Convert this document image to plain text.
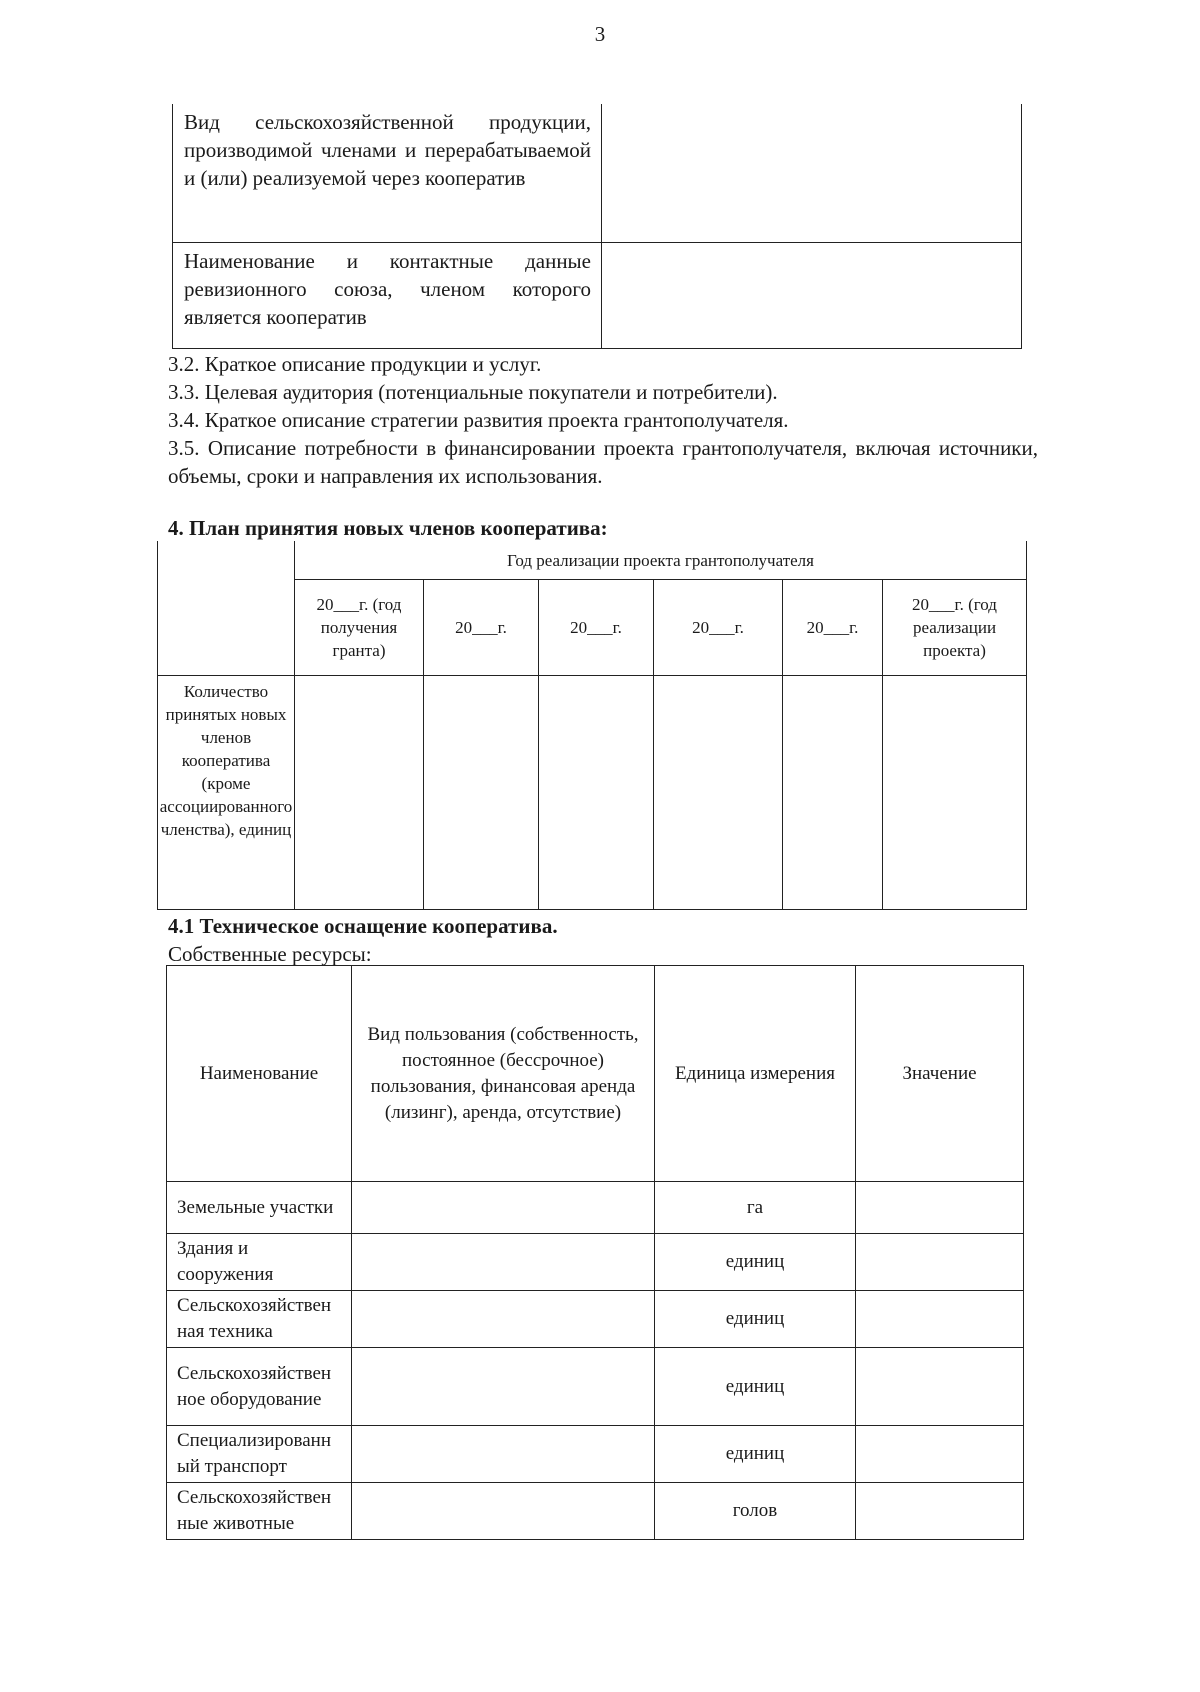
3
Вид сельскохозяйственной продукции, производимой членами и перерабатываемой и (или) реализуемой через кооператив	
Наименование и контактные данные ревизионного союза, членом которого является кооператив	
3.2. Краткое описание продукции и услуг.
3.3. Целевая аудитория (потенциальные покупатели и потребители).
3.4. Краткое описание стратегии развития проекта грантополучателя.
3.5. Описание потребности в финансировании проекта грантополучателя, включая источники, объемы, сроки и направления их использования.
4. План принятия новых членов кооператива:
	Год реализации проекта грантополучателя					
	20___г. (год получения гранта)	20___г.	20___г.	20___г.	20___г.	20___г. (год реализации проекта)
Количество принятых новых членов кооператива (кроме ассоциированного членства), единиц						
4.1 Техническое оснащение кооператива.
Собственные ресурсы:
Наименование	Вид пользования (собственность, постоянное (бессрочное) пользования, финансовая аренда (лизинг), аренда, отсутствие)	Единица измерения	Значение
Земельные участки		га	
Здания и сооружения		единиц	
Сельскохозяйственная техника		единиц	
Сельскохозяйственное оборудование		единиц	
Специализированный транспорт		единиц	
Сельскохозяйственные животные		голов	
